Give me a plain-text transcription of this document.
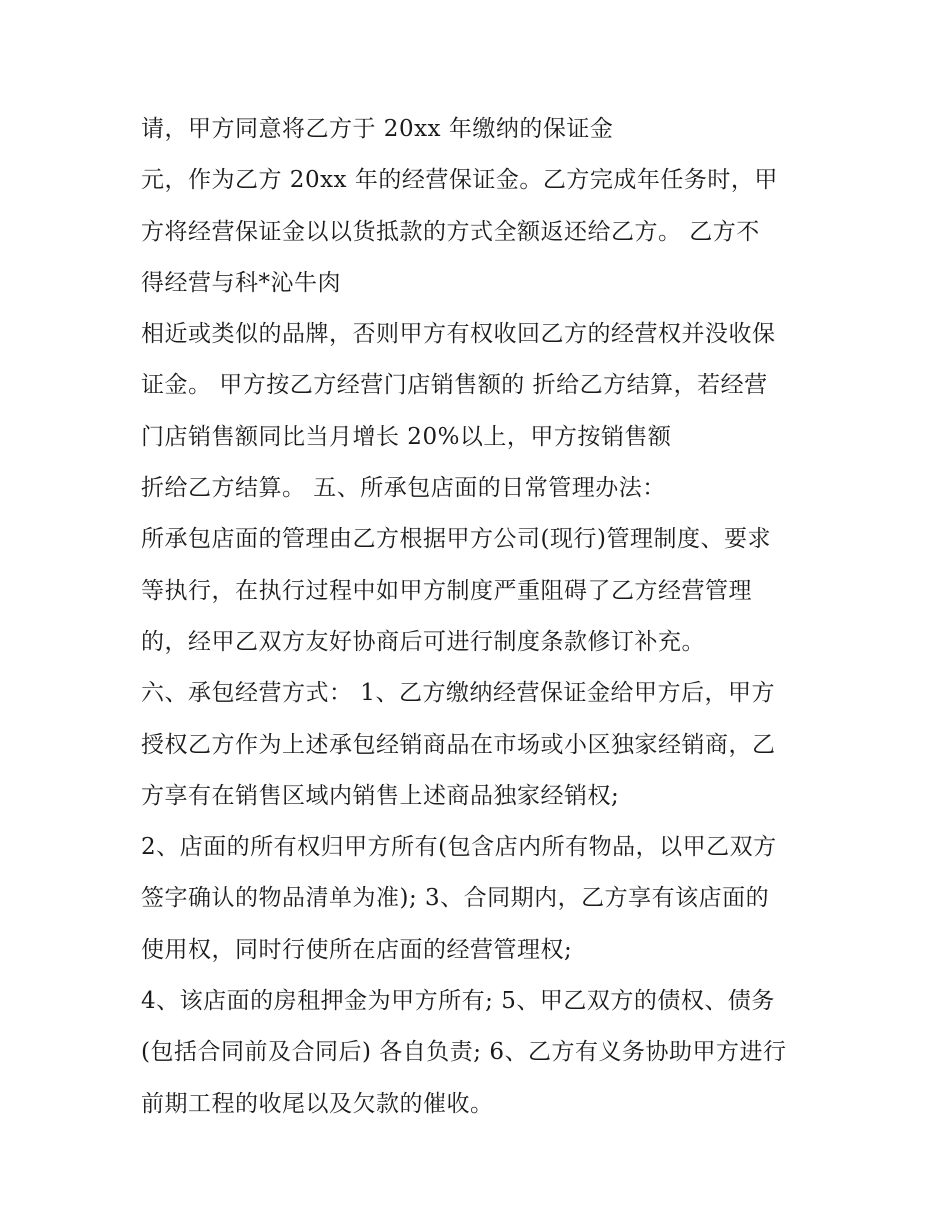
请，甲方同意将乙方于 20xx 年缴纳的保证金
元，作为乙方 20xx 年的经营保证金。乙方完成年任务时，甲
方将经营保证金以以货抵款的方式全额返还给乙方。 乙方不
得经营与科*沁牛肉
相近或类似的品牌，否则甲方有权收回乙方的经营权并没收保
证金。 甲方按乙方经营门店销售额的 折给乙方结算，若经营
门店销售额同比当月增长 20%以上，甲方按销售额
折给乙方结算。 五、所承包店面的日常管理办法：
所承包店面的管理由乙方根据甲方公司(现行)管理制度、要求
等执行，在执行过程中如甲方制度严重阻碍了乙方经营管理
的，经甲乙双方友好协商后可进行制度条款修订补充。
六、承包经营方式： 1、乙方缴纳经营保证金给甲方后，甲方
授权乙方作为上述承包经销商品在市场或小区独家经销商，乙
方享有在销售区域内销售上述商品独家经销权;
2、店面的所有权归甲方所有(包含店内所有物品，以甲乙双方
签字确认的物品清单为准); 3、合同期内，乙方享有该店面的
使用权，同时行使所在店面的经营管理权;
4、该店面的房租押金为甲方所有; 5、甲乙双方的债权、债务
(包括合同前及合同后) 各自负责; 6、乙方有义务协助甲方进行
前期工程的收尾以及欠款的催收。
